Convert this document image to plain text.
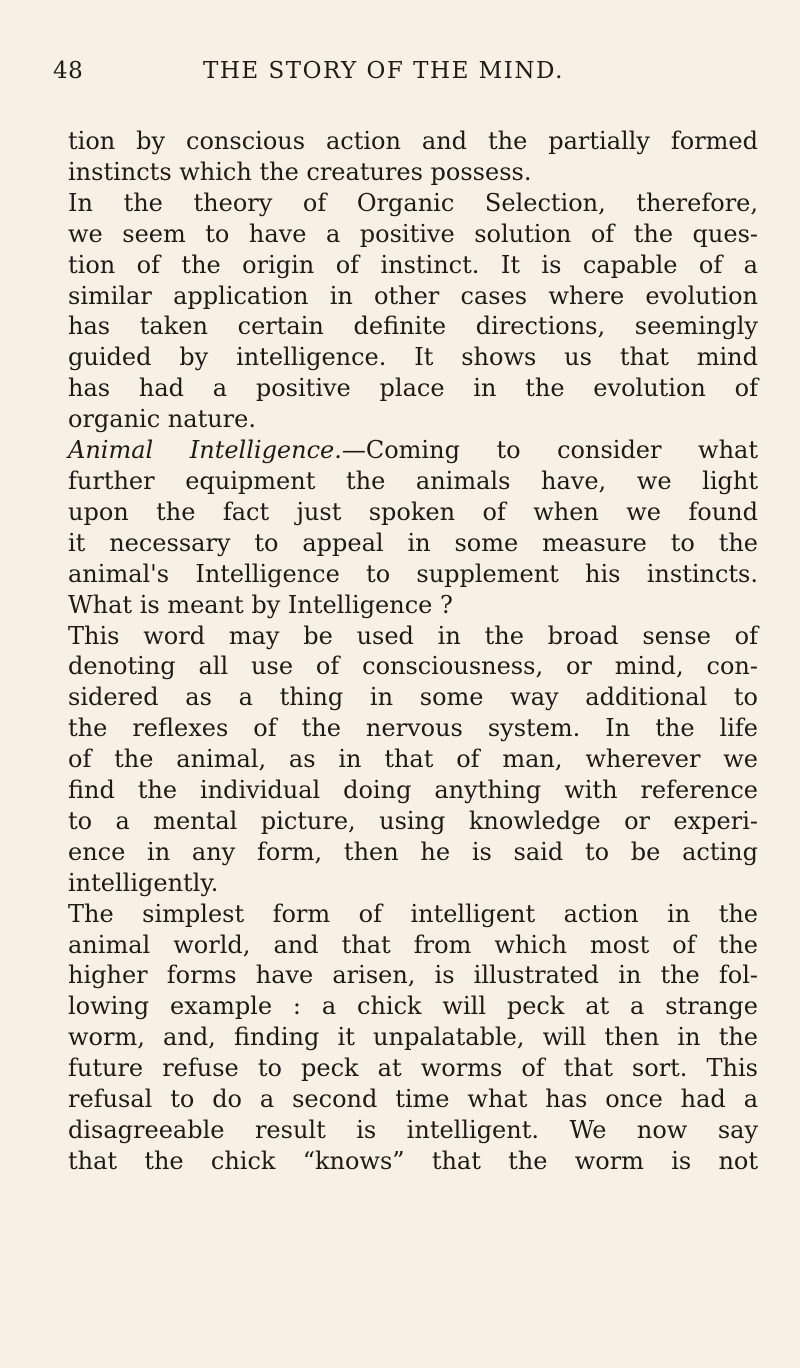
48	THE STORY OF THE MIND.
tion by conscious action and the partially formed
instincts which the creatures possess.
In the theory of Organic Selection, therefore,
we seem to have a positive solution of the ques-
tion of the origin of instinct. It is capable of a
similar application in other cases where evolution
has taken certain definite directions, seemingly
guided by intelligence. It shows us that mind
has had a positive place in the evolution of
organic nature.
Animal Intelligence.—Coming to consider what
further equipment the animals have, we light
upon the fact just spoken of when we found
it necessary to appeal in some measure to the
animal's Intelligence to supplement his instincts.
What is meant by Intelligence ?
This word may be used in the broad sense of
denoting all use of consciousness, or mind, con-
sidered as a thing in some way additional to
the reflexes of the nervous system. In the life
of the animal, as in that of man, wherever we
find the individual doing anything with reference
to a mental picture, using knowledge or experi-
ence in any form, then he is said to be acting
intelligently.
The simplest form of intelligent action in the
animal world, and that from which most of the
higher forms have arisen, is illustrated in the fol-
lowing example : a chick will peck at a strange
worm, and, finding it unpalatable, will then in the
future refuse to peck at worms of that sort. This
refusal to do a second time what has once had a
disagreeable result is intelligent. We now say
that the chick “knows” that the worm is not
